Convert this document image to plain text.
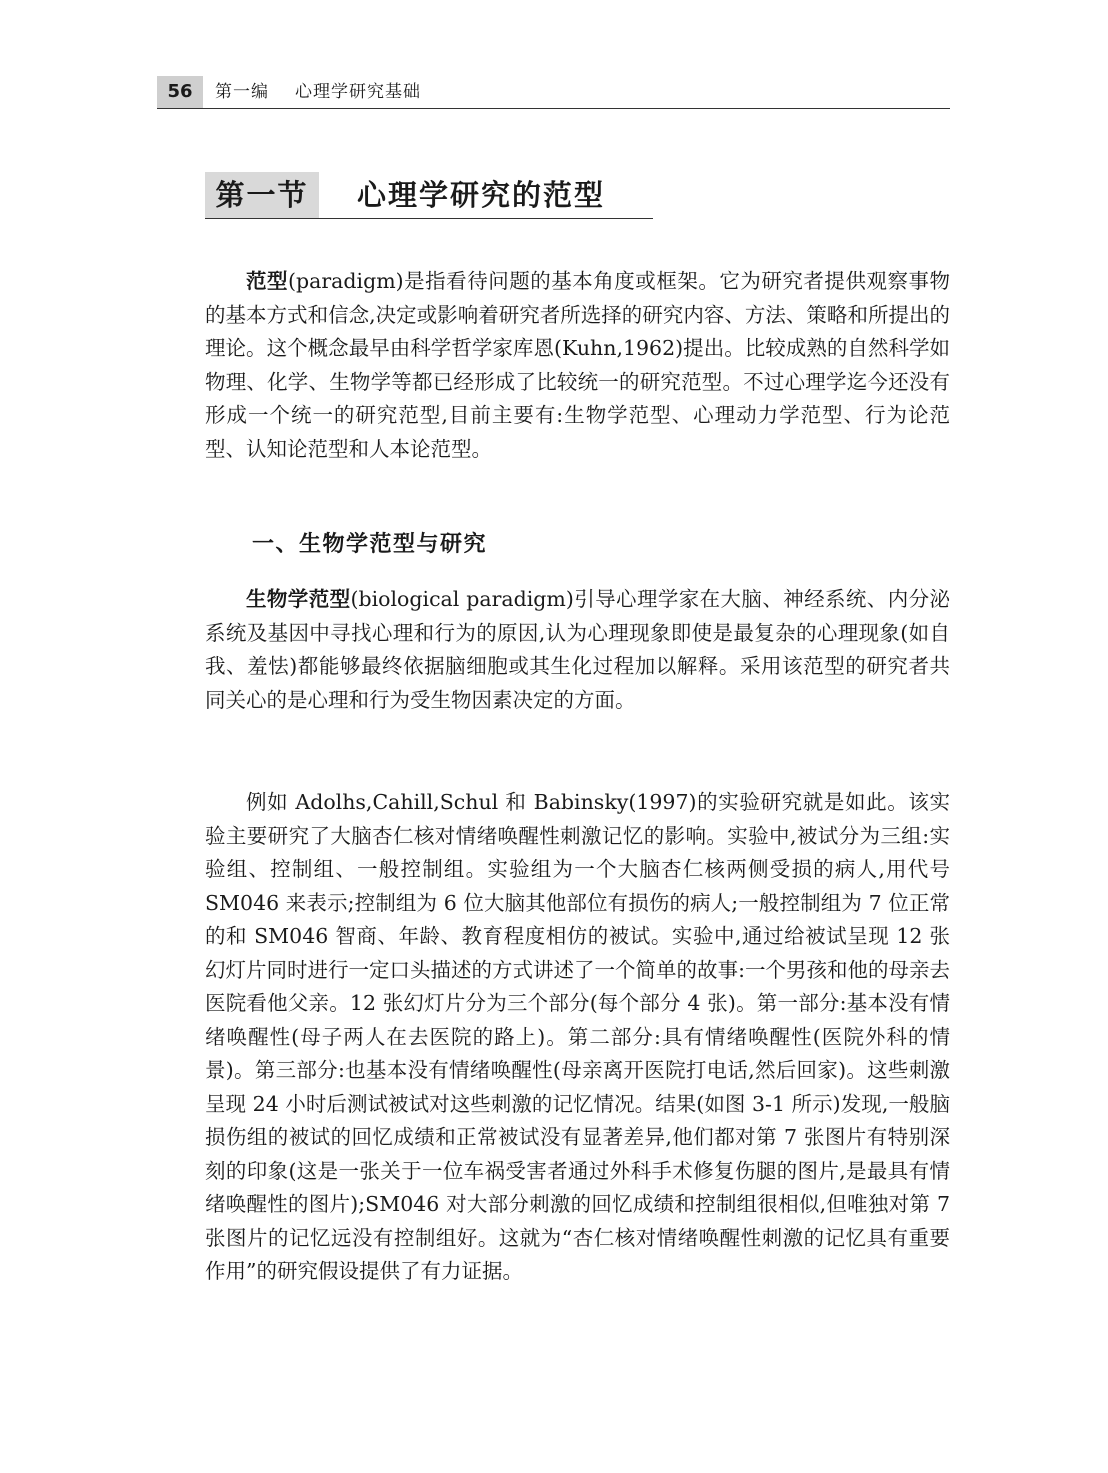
56	第一编 心理学研究基础
第一节	心理学研究的范型

范型(paradigm)是指看待问题的基本角度或框架。它为研究者提供观察事物的基本方式和信念,决定或影响着研究者所选择的研究内容、方法、策略和所提出的理论。这个概念最早由科学哲学家库恩(Kuhn,1962)提出。比较成熟的自然科学如物理、化学、生物学等都已经形成了比较统一的研究范型。不过心理学迄今还没有形成一个统一的研究范型,目前主要有:生物学范型、心理动力学范型、行为论范型、认知论范型和人本论范型。

一、生物学范型与研究

生物学范型(biological paradigm)引导心理学家在大脑、神经系统、内分泌系统及基因中寻找心理和行为的原因,认为心理现象即使是最复杂的心理现象(如自我、羞怯)都能够最终依据脑细胞或其生化过程加以解释。采用该范型的研究者共同关心的是心理和行为受生物因素决定的方面。

例如 Adolhs,Cahill,Schul 和 Babinsky(1997)的实验研究就是如此。该实验主要研究了大脑杏仁核对情绪唤醒性刺激记忆的影响。实验中,被试分为三组:实验组、控制组、一般控制组。实验组为一个大脑杏仁核两侧受损的病人,用代号 SM046 来表示;控制组为 6 位大脑其他部位有损伤的病人;一般控制组为 7 位正常的和 SM046 智商、年龄、教育程度相仿的被试。实验中,通过给被试呈现 12 张幻灯片同时进行一定口头描述的方式讲述了一个简单的故事:一个男孩和他的母亲去医院看他父亲。12 张幻灯片分为三个部分(每个部分 4 张)。第一部分:基本没有情绪唤醒性(母子两人在去医院的路上)。第二部分:具有情绪唤醒性(医院外科的情景)。第三部分:也基本没有情绪唤醒性(母亲离开医院打电话,然后回家)。这些刺激呈现 24 小时后测试被试对这些刺激的记忆情况。结果(如图 3-1 所示)发现,一般脑损伤组的被试的回忆成绩和正常被试没有显著差异,他们都对第 7 张图片有特别深刻的印象(这是一张关于一位车祸受害者通过外科手术修复伤腿的图片,是最具有情绪唤醒性的图片);SM046 对大部分刺激的回忆成绩和控制组很相似,但唯独对第 7 张图片的记忆远没有控制组好。这就为“杏仁核对情绪唤醒性刺激的记忆具有重要作用”的研究假设提供了有力证据。
